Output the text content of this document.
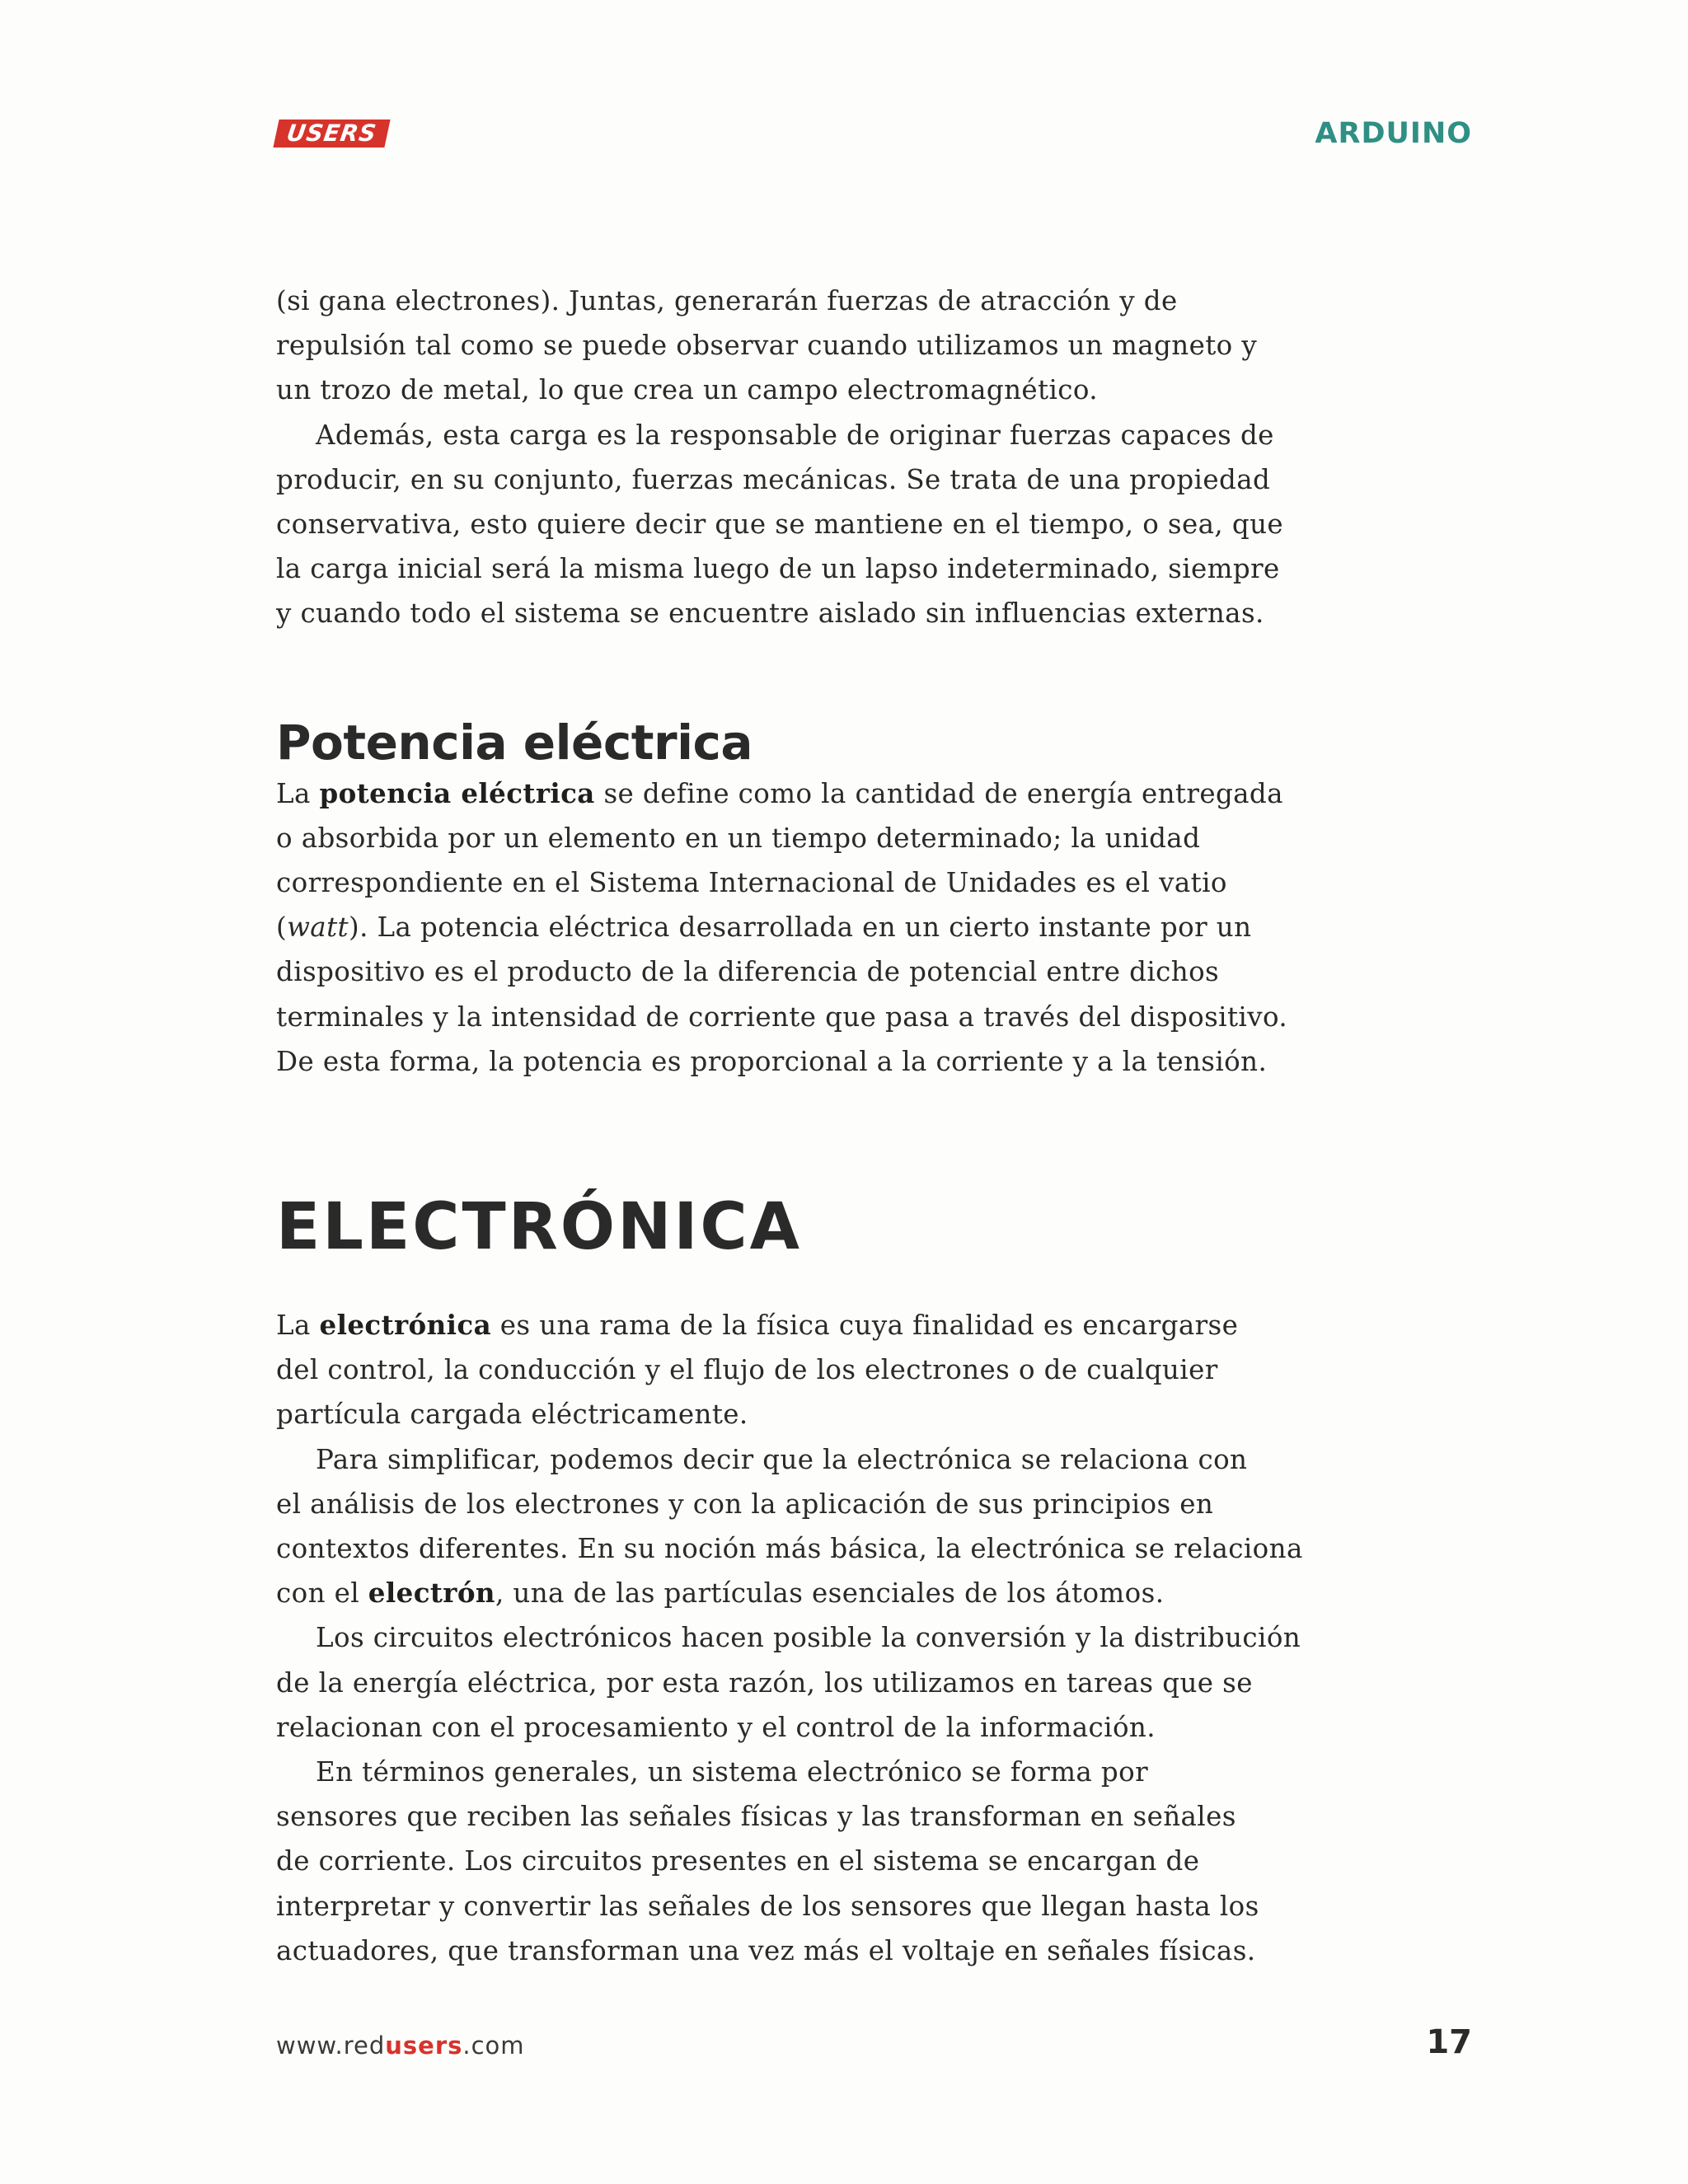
USERS	ARDUINO

(si gana electrones). Juntas, generarán fuerzas de atracción y de

repulsión tal como se puede observar cuando utilizamos un magneto y

un trozo de metal, lo que crea un campo electromagnético.

Además, esta carga es la responsable de originar fuerzas capaces de

producir, en su conjunto, fuerzas mecánicas. Se trata de una propiedad

conservativa, esto quiere decir que se mantiene en el tiempo, o sea, que

la carga inicial será la misma luego de un lapso indeterminado, siempre

y cuando todo el sistema se encuentre aislado sin influencias externas.

Potencia eléctrica

La potencia eléctrica se define como la cantidad de energía entregada

o absorbida por un elemento en un tiempo determinado; la unidad

correspondiente en el Sistema Internacional de Unidades es el vatio

(watt). La potencia eléctrica desarrollada en un cierto instante por un

dispositivo es el producto de la diferencia de potencial entre dichos

terminales y la intensidad de corriente que pasa a través del dispositivo.

De esta forma, la potencia es proporcional a la corriente y a la tensión.

ELECTRÓNICA

La electrónica es una rama de la física cuya finalidad es encargarse

del control, la conducción y el flujo de los electrones o de cualquier

partícula cargada eléctricamente.

Para simplificar, podemos decir que la electrónica se relaciona con

el análisis de los electrones y con la aplicación de sus principios en

contextos diferentes. En su noción más básica, la electrónica se relaciona

con el electrón, una de las partículas esenciales de los átomos.

Los circuitos electrónicos hacen posible la conversión y la distribución

de la energía eléctrica, por esta razón, los utilizamos en tareas que se

relacionan con el procesamiento y el control de la información.

En términos generales, un sistema electrónico se forma por

sensores que reciben las señales físicas y las transforman en señales

de corriente. Los circuitos presentes en el sistema se encargan de

interpretar y convertir las señales de los sensores que llegan hasta los

actuadores, que transforman una vez más el voltaje en señales físicas.

www.redusers.com	17
